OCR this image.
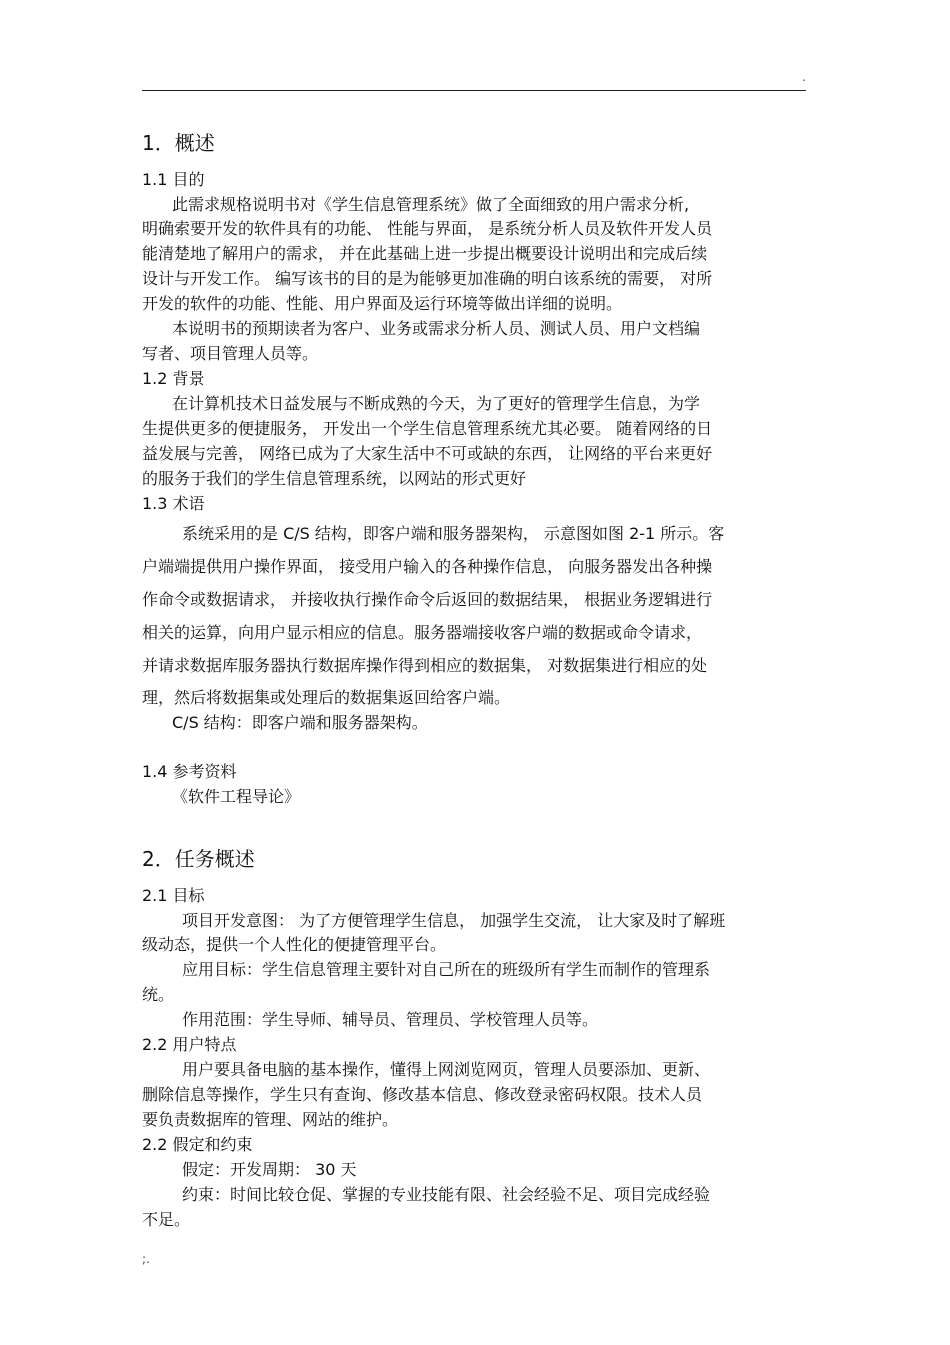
.
1．概述
1.1 目的
此需求规格说明书对《学生信息管理系统》做了全面细致的用户需求分析,
明确索要开发的软件具有的功能、 性能与界面， 是系统分析人员及软件开发人员
能清楚地了解用户的需求， 并在此基础上进一步提出概要设计说明出和完成后续
设计与开发工作。 编写该书的目的是为能够更加准确的明白该系统的需要， 对所
开发的软件的功能、性能、用户界面及运行环境等做出详细的说明。
本说明书的预期读者为客户、业务或需求分析人员、测试人员、用户文档编
写者、项目管理人员等。
1.2 背景
在计算机技术日益发展与不断成熟的今天，为了更好的管理学生信息，为学
生提供更多的便捷服务， 开发出一个学生信息管理系统尤其必要。 随着网络的日
益发展与完善， 网络已成为了大家生活中不可或缺的东西， 让网络的平台来更好
的服务于我们的学生信息管理系统，以网站的形式更好
1.3 术语
系统采用的是 C/S 结构，即客户端和服务器架构， 示意图如图 2-1 所示。客
户端端提供用户操作界面， 接受用户输入的各种操作信息， 向服务器发出各种操
作命令或数据请求， 并接收执行操作命令后返回的数据结果， 根据业务逻辑进行
相关的运算，向用户显示相应的信息。服务器端接收客户端的数据或命令请求，
并请求数据库服务器执行数据库操作得到相应的数据集， 对数据集进行相应的处
理，然后将数据集或处理后的数据集返回给客户端。
C/S 结构：即客户端和服务器架构。
1.4 参考资料
《软件工程导论》
2．任务概述
2.1 目标
项目开发意图： 为了方便管理学生信息， 加强学生交流， 让大家及时了解班
级动态，提供一个人性化的便捷管理平台。
应用目标：学生信息管理主要针对自己所在的班级所有学生而制作的管理系
统。
作用范围：学生导师、辅导员、管理员、学校管理人员等。
2.2 用户特点
用户要具备电脑的基本操作，懂得上网浏览网页，管理人员要添加、更新、
删除信息等操作，学生只有查询、修改基本信息、修改登录密码权限。技术人员
要负责数据库的管理、网站的维护。
2.2 假定和约束
假定：开发周期： 30 天
约束：时间比较仓促、掌握的专业技能有限、社会经验不足、项目完成经验
不足。
;.
